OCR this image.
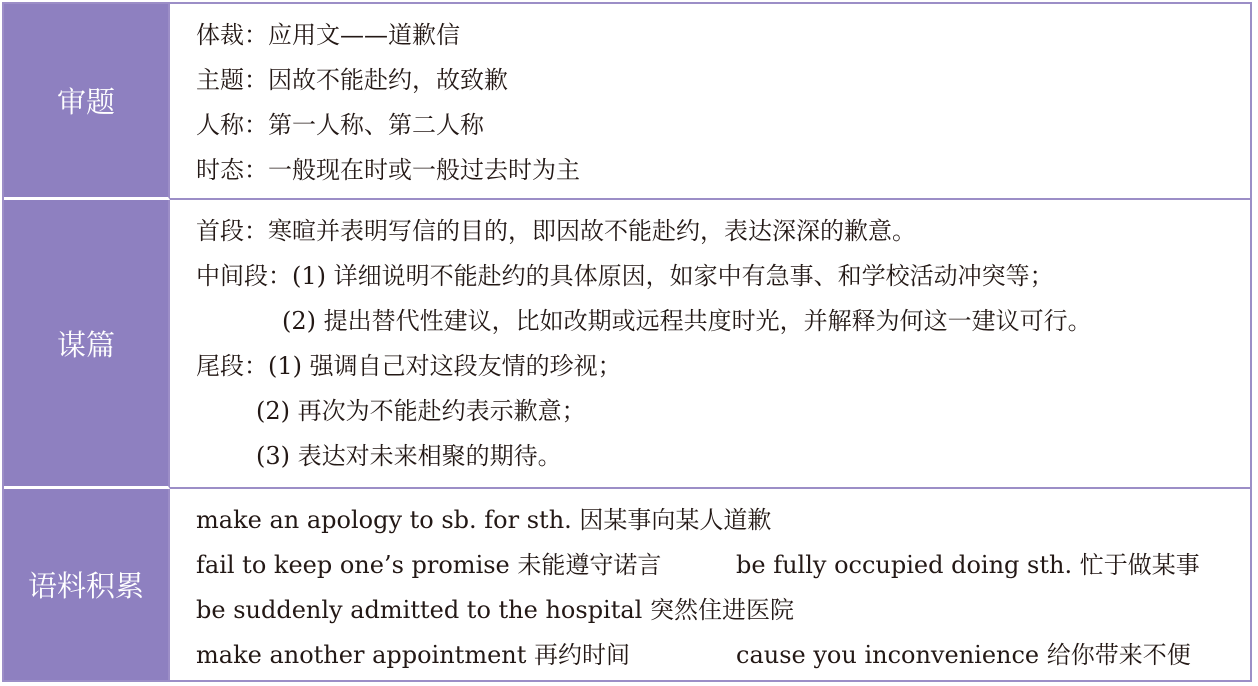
审题
体裁：应用文——道歉信
主题：因故不能赴约，故致歉
人称：第一人称、第二人称
时态：一般现在时或一般过去时为主
谋篇
首段：寒暄并表明写信的目的，即因故不能赴约，表达深深的歉意。
中间段：(1) 详细说明不能赴约的具体原因，如家中有急事、和学校活动冲突等；
(2) 提出替代性建议，比如改期或远程共度时光，并解释为何这一建议可行。
尾段：(1) 强调自己对这段友情的珍视；
(2) 再次为不能赴约表示歉意；
(3) 表达对未来相聚的期待。
语料积累
make an apology to sb. for sth. 因某事向某人道歉
fail to keep one’s promise 未能遵守诺言	be fully occupied doing sth. 忙于做某事
be suddenly admitted to the hospital 突然住进医院
make another appointment 再约时间	cause you inconvenience 给你带来不便
